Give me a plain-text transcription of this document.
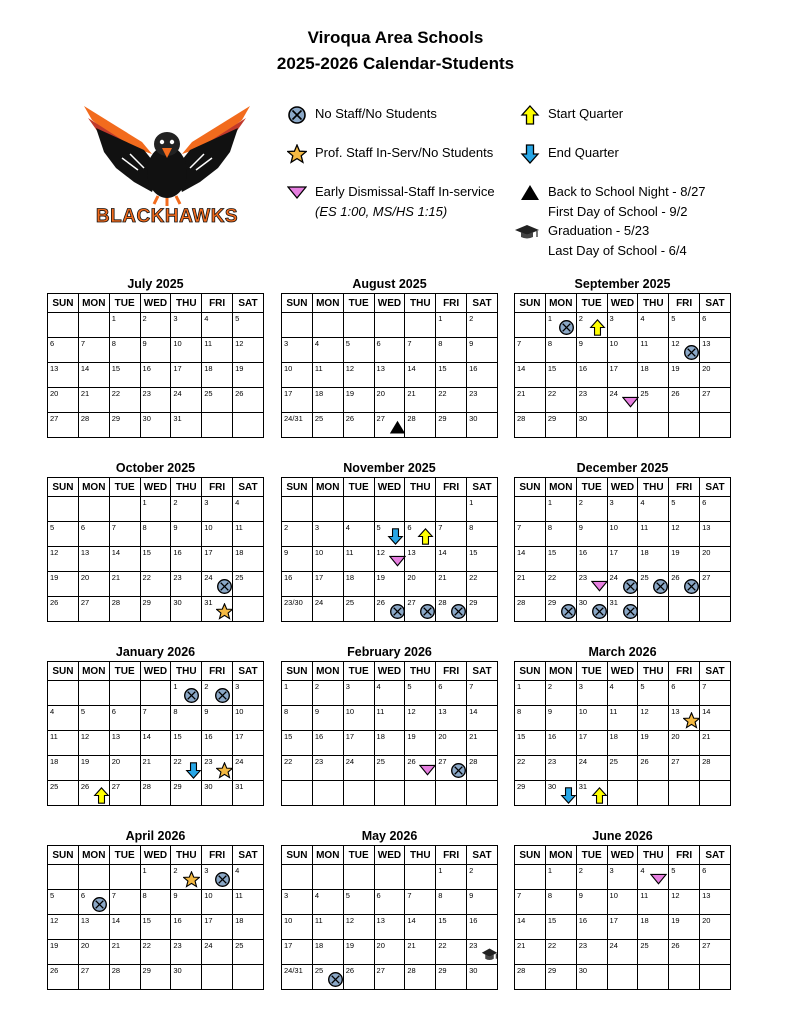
Viroqua Area Schools
2025-2026 Calendar-Students
BLACKHAWKS
No Staff/No Students
Prof. Staff In-Serv/No Students
Early Dismissal-Staff In-service
(ES 1:00, MS/HS 1:15)
Start Quarter
End Quarter
Back to School Night - 8/27
First Day of School - 9/2
Graduation - 5/23
Last Day of School - 6/4
July 2025
SUN	MON	TUE	WED	THU	FRI	SAT

		1	2	3	4	5

6	7	8	9	10	11	12

13	14	15	16	17	18	19

20	21	22	23	24	25	26

27	28	29	30	31		

August 2025
SUN	MON	TUE	WED	THU	FRI	SAT

					1	2

3	4	5	6	7	8	9

10	11	12	13	14	15	16

17	18	19	20	21	22	23

24/31	25	26	27	28	29	30
September 2025
SUN	MON	TUE	WED	THU	FRI	SAT

	1	2	3	4	5	6

7	8	9	10	11	12	13

14	15	16	17	18	19	20

21	22	23	24	25	26	27

28	29	30				

October 2025
SUN	MON	TUE	WED	THU	FRI	SAT

			1	2	3	4

5	6	7	8	9	10	11

12	13	14	15	16	17	18

19	20	21	22	23	24	25

26	27	28	29	30	31	

November 2025
SUN	MON	TUE	WED	THU	FRI	SAT

						1

2	3	4	5	6	7	8

9	10	11	12	13	14	15

16	17	18	19	20	21	22

23/30	24	25	26	27	28	29
December 2025
SUN	MON	TUE	WED	THU	FRI	SAT

	1	2	3	4	5	6

7	8	9	10	11	12	13

14	15	16	17	18	19	20

21	22	23	24	25	26	27

28	29	30	31			

January 2026
SUN	MON	TUE	WED	THU	FRI	SAT

				1	2	3

4	5	6	7	8	9	10

11	12	13	14	15	16	17

18	19	20	21	22	23	24

25	26	27	28	29	30	31
February 2026
SUN	MON	TUE	WED	THU	FRI	SAT

1	2	3	4	5	6	7

8	9	10	11	12	13	14

15	16	17	18	19	20	21

22	23	24	25	26	27	28

March 2026
SUN	MON	TUE	WED	THU	FRI	SAT

1	2	3	4	5	6	7

8	9	10	11	12	13	14

15	16	17	18	19	20	21

22	23	24	25	26	27	28

29	30	31				

April 2026
SUN	MON	TUE	WED	THU	FRI	SAT

			1	2	3	4

5	6	7	8	9	10	11

12	13	14	15	16	17	18

19	20	21	22	23	24	25

26	27	28	29	30		

May 2026
SUN	MON	TUE	WED	THU	FRI	SAT

					1	2

3	4	5	6	7	8	9

10	11	12	13	14	15	16

17	18	19	20	21	22	23

24/31	25	26	27	28	29	30
June 2026
SUN	MON	TUE	WED	THU	FRI	SAT

	1	2	3	4	5	6

7	8	9	10	11	12	13

14	15	16	17	18	19	20

21	22	23	24	25	26	27

28	29	30				
